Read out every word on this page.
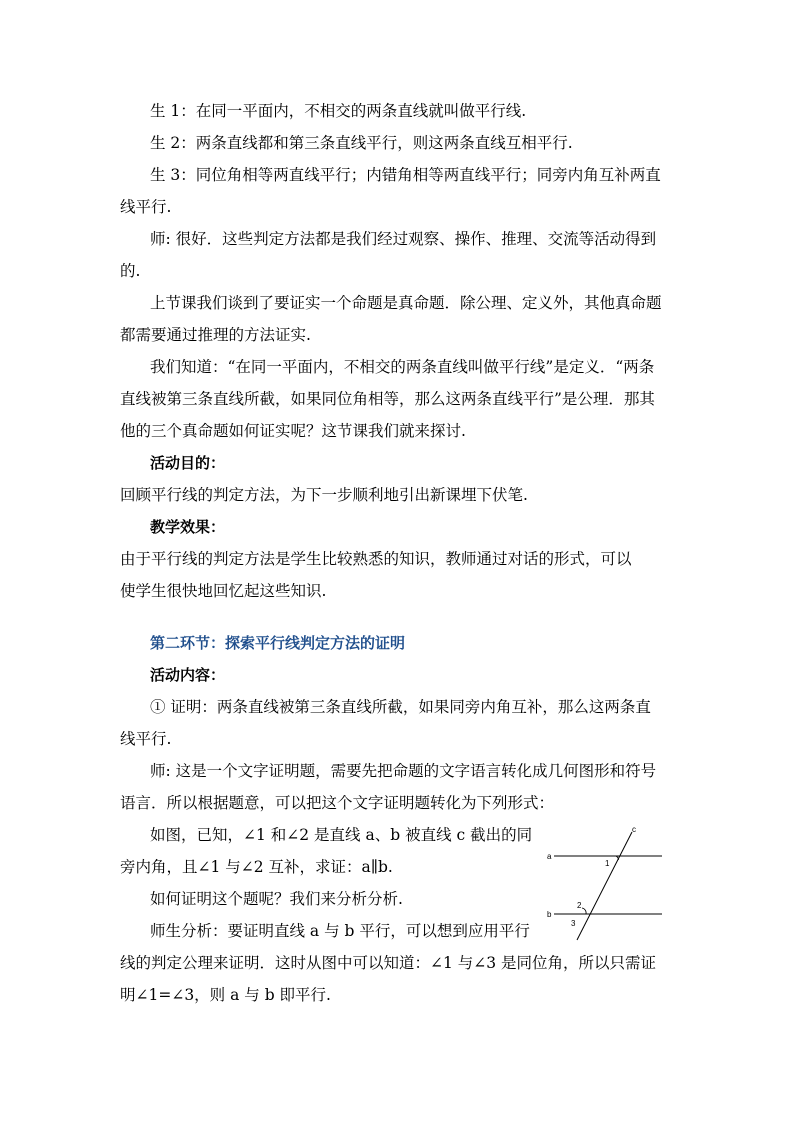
生 1：在同一平面内，不相交的两条直线就叫做平行线.
生 2：两条直线都和第三条直线平行，则这两条直线互相平行.
生 3：同位角相等两直线平行；内错角相等两直线平行；同旁内角互补两直
线平行.
师: 很好．这些判定方法都是我们经过观察、操作、推理、交流等活动得到
的.
上节课我们谈到了要证实一个命题是真命题．除公理、定义外，其他真命题
都需要通过推理的方法证实.
我们知道：“在同一平面内，不相交的两条直线叫做平行线”是定义．“两条
直线被第三条直线所截，如果同位角相等，那么这两条直线平行”是公理．那其
他的三个真命题如何证实呢？这节课我们就来探讨.
活动目的：
回顾平行线的判定方法，为下一步顺利地引出新课埋下伏笔.
教学效果：
由于平行线的判定方法是学生比较熟悉的知识，教师通过对话的形式，可以
使学生很快地回忆起这些知识.
第二环节：探索平行线判定方法的证明
活动内容：
① 证明：两条直线被第三条直线所截，如果同旁内角互补，那么这两条直
线平行.
师: 这是一个文字证明题，需要先把命题的文字语言转化成几何图形和符号
语言．所以根据题意，可以把这个文字证明题转化为下列形式：
如图，已知，∠1 和∠2 是直线 a、b 被直线 c 截出的同
旁内角，且∠1 与∠2 互补，求证：a∥b.
如何证明这个题呢？我们来分析分析.
师生分析：要证明直线 a 与 b 平行，可以想到应用平行
线的判定公理来证明．这时从图中可以知道：∠1 与∠3 是同位角，所以只需证
明∠1=∠3，则 a 与 b 即平行.
c
a
b
1
2
3
